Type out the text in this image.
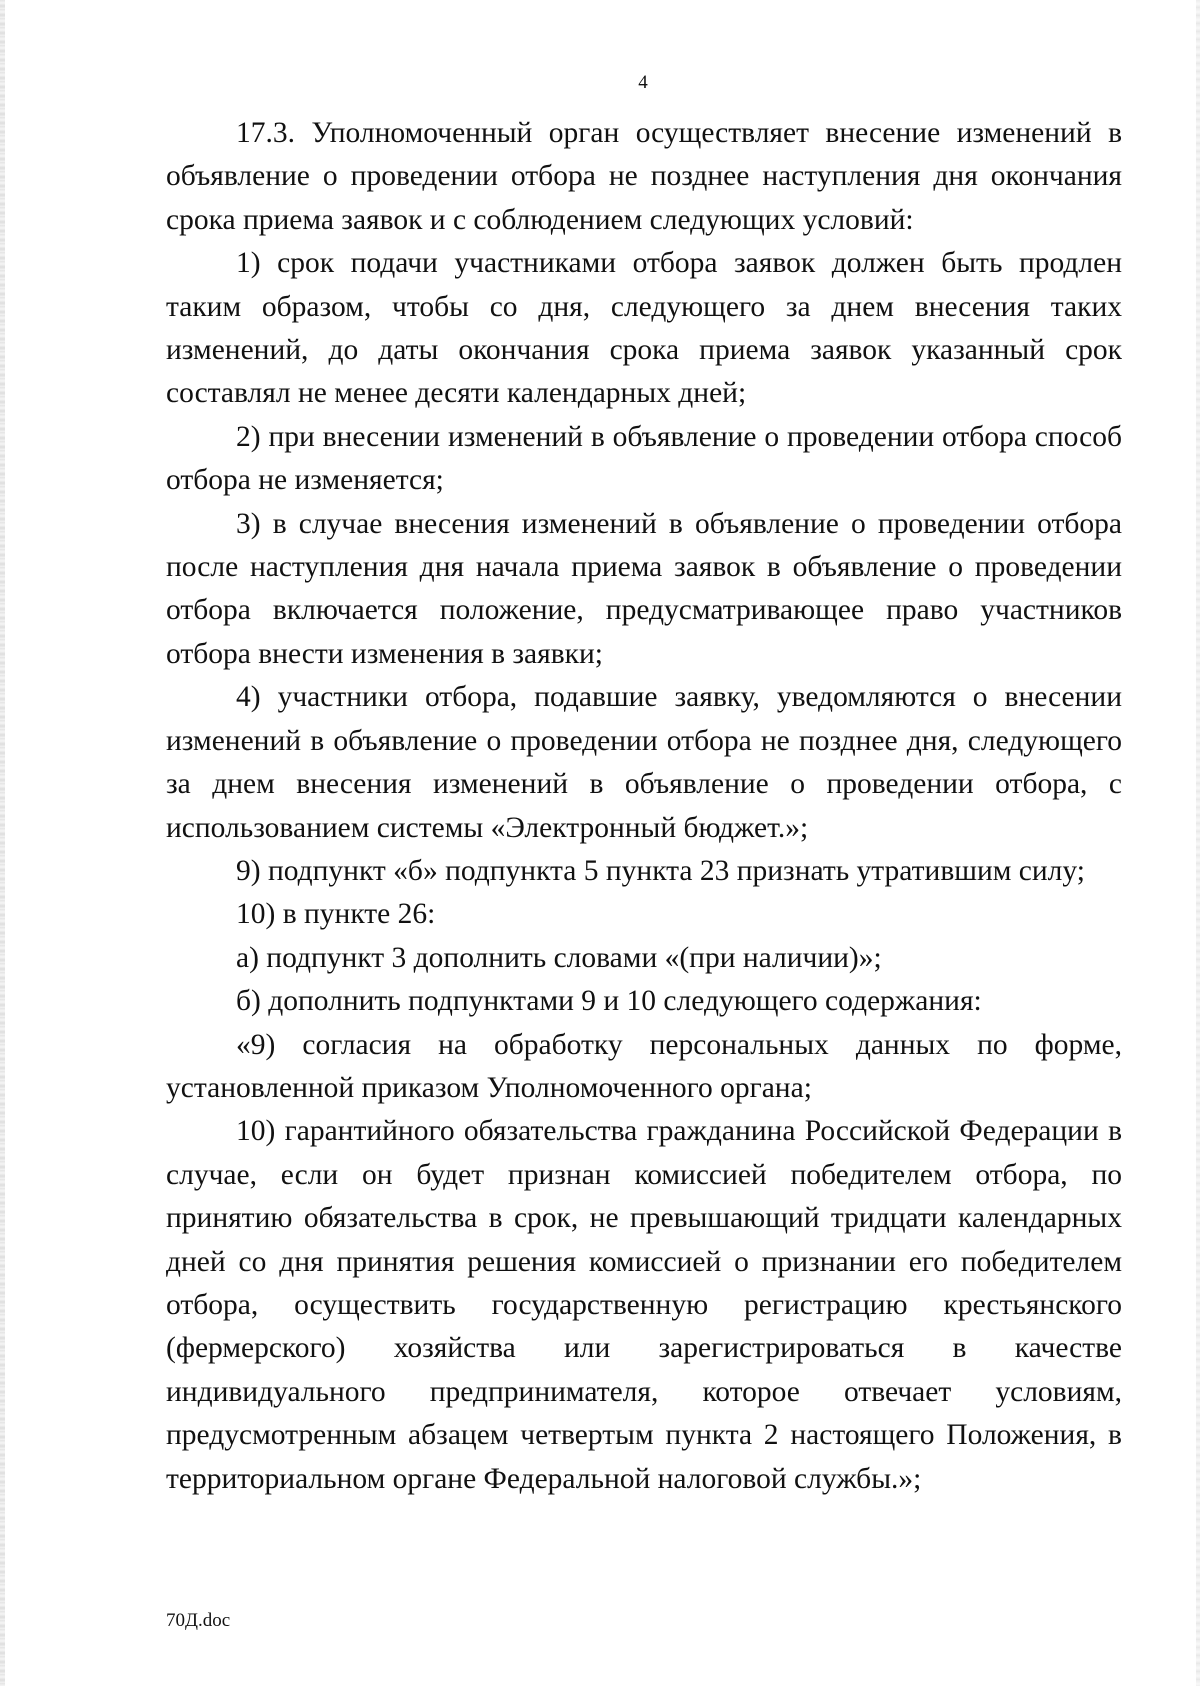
4

17.3. Уполномоченный орган осуществляет внесение изменений в объявление о проведении отбора не позднее наступления дня окончания срока приема заявок и с соблюдением следующих условий:

1) срок подачи участниками отбора заявок должен быть продлен таким образом, чтобы со дня, следующего за днем внесения таких изменений, до даты окончания срока приема заявок указанный срок составлял не менее десяти календарных дней;

2) при внесении изменений в объявление о проведении отбора способ отбора не изменяется;

3) в случае внесения изменений в объявление о проведении отбора после наступления дня начала приема заявок в объявление о проведении отбора включается положение, предусматривающее право участников отбора внести изменения в заявки;

4) участники отбора, подавшие заявку, уведомляются о внесении изменений в объявление о проведении отбора не позднее дня, следующего за днем внесения изменений в объявление о проведении отбора, с использованием системы «Электронный бюджет.»;

9) подпункт «б» подпункта 5 пункта 23 признать утратившим силу;

10) в пункте 26:

а) подпункт 3 дополнить словами «(при наличии)»;

б) дополнить подпунктами 9 и 10 следующего содержания:

«9) согласия на обработку персональных данных по форме, установленной приказом Уполномоченного органа;

10) гарантийного обязательства гражданина Российской Федерации в случае, если он будет признан комиссией победителем отбора, по принятию обязательства в срок, не превышающий тридцати календарных дней со дня принятия решения комиссией о признании его победителем отбора, осуществить государственную регистрацию крестьянского (фермерского) хозяйства или зарегистрироваться в качестве индивидуального предпринимателя, которое отвечает условиям, предусмотренным абзацем четвертым пункта 2 настоящего Положения, в территориальном органе Федеральной налоговой службы.»;

70Д.doc
